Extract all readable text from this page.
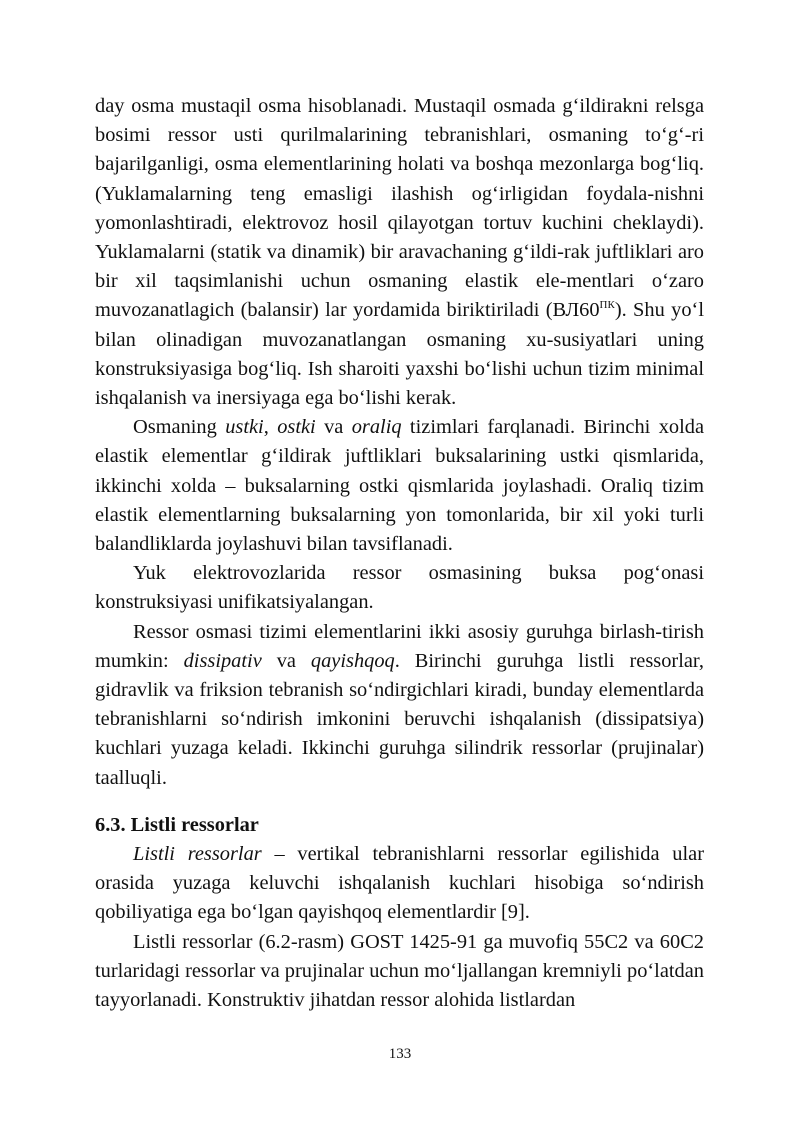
day osma mustaqil osma hisoblanadi. Mustaqil osmada g‘ildirakni relsga bosimi ressor usti qurilmalarining tebranishlari, osmaning to‘g‘-ri bajarilganligi, osma elementlarining holati va boshqa mezonlarga bog‘liq. (Yuklamalarning teng emasligi ilashish og‘irligidan foydala-nishni yomonlashtiradi, elektrovoz hosil qilayotgan tortuv kuchini cheklaydi). Yuklamalarni (statik va dinamik) bir aravachaning g‘ildi-rak juftliklari aro bir xil taqsimlanishi uchun osmaning elastik ele-mentlari o‘zaro muvozanatlagich (balansir) lar yordamida biriktiriladi $(ВЛ60^{ПК})$. Shu yo‘l bilan olinadigan muvozanatlangan osmaning xu-susiyatlari uning konstruksiyasiga bog‘liq. Ish sharoiti yaxshi bo‘lishi uchun tizim minimal ishqalanish va inersiyaga ega bo‘lishi kerak.

Osmaning ustki, ostki va oraliq tizimlari farqlanadi. Birinchi xolda elastik elementlar g‘ildirak juftliklari buksalarining ustki qismlarida, ikkinchi xolda – buksalarning ostki qismlarida joylashadi. Oraliq tizim elastik elementlarning buksalarning yon tomonlarida, bir xil yoki turli balandliklarda joylashuvi bilan tavsiflanadi.

Yuk elektrovozlarida ressor osmasining buksa pog‘onasi konstruksiyasi unifikatsiyalangan.

Ressor osmasi tizimi elementlarini ikki asosiy guruhga birlash-tirish mumkin: dissipativ va qayishqoq. Birinchi guruhga listli ressorlar, gidravlik va friksion tebranish so‘ndirgichlari kiradi, bunday elementlarda tebranishlarni so‘ndirish imkonini beruvchi ishqalanish (dissipatsiya) kuchlari yuzaga keladi. Ikkinchi guruhga silindrik ressorlar (prujinalar) taalluqli.

6.3. Listli ressorlar

Listli ressorlar – vertikal tebranishlarni ressorlar egilishida ular orasida yuzaga keluvchi ishqalanish kuchlari hisobiga so‘ndirish qobiliyatiga ega bo‘lgan qayishqoq elementlardir [9].

Listli ressorlar (6.2-rasm) GOST 1425-91 ga muvofiq 55C2 va 60C2 turlaridagi ressorlar va prujinalar uchun mo‘ljallangan kremniyli po‘latdan tayyorlanadi. Konstruktiv jihatdan ressor alohida listlardan

133
